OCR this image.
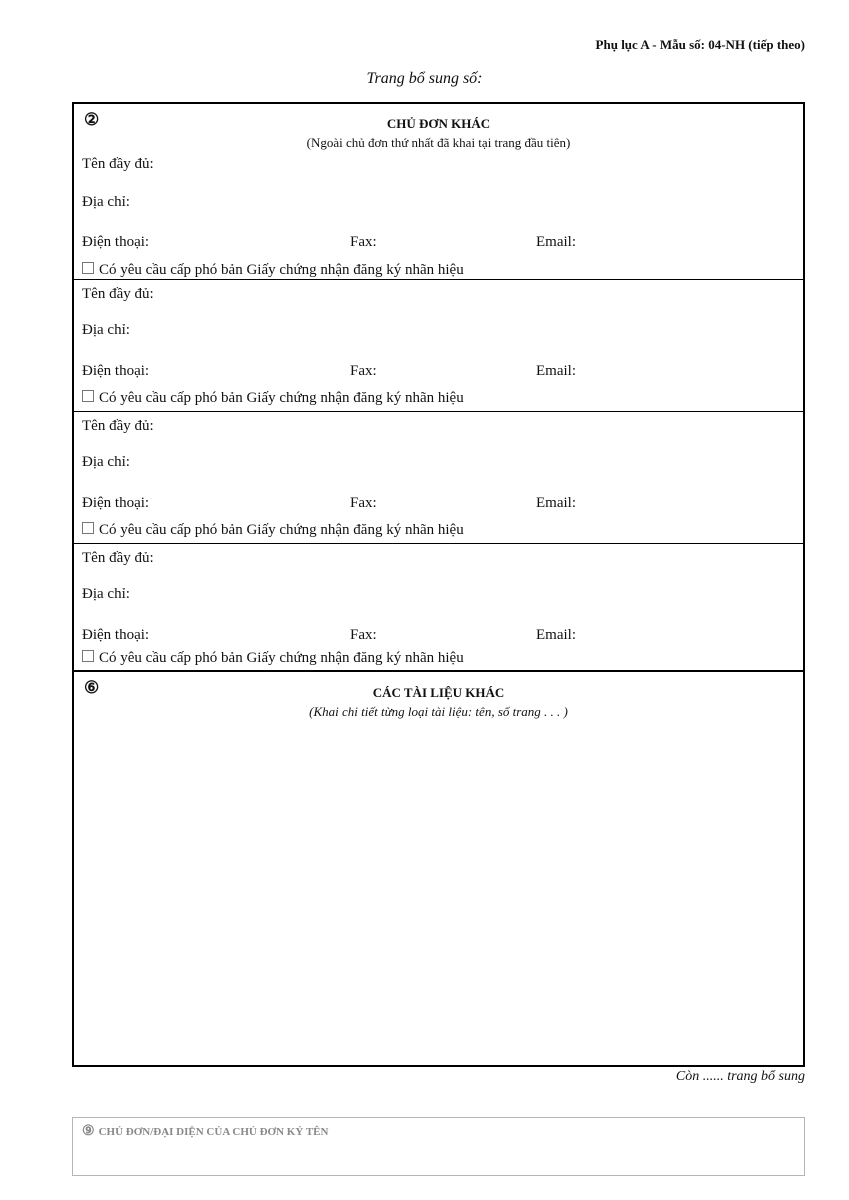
Phụ lục A - Mẫu số: 04-NH (tiếp theo)
Trang bổ sung số:
②	CHỦ ĐƠN KHÁC
(Ngoài chủ đơn thứ nhất đã khai tại trang đầu tiên)
Tên đầy đủ:
Địa chỉ:
Điện thoại:	Fax:	Email:
Có yêu cầu cấp phó bản Giấy chứng nhận đăng ký nhãn hiệu
Tên đầy đủ:
Địa chỉ:
Điện thoại:	Fax:	Email:
Có yêu cầu cấp phó bản Giấy chứng nhận đăng ký nhãn hiệu
Tên đầy đủ:
Địa chỉ:
Điện thoại:	Fax:	Email:
Có yêu cầu cấp phó bản Giấy chứng nhận đăng ký nhãn hiệu
Tên đầy đủ:
Địa chỉ:
Điện thoại:	Fax:	Email:
Có yêu cầu cấp phó bản Giấy chứng nhận đăng ký nhãn hiệu
⑥	CÁC TÀI LIỆU KHÁC
(Khai chi tiết từng loại tài liệu: tên, số trang . . . )
Còn ...... trang bổ sung
⑨ CHỦ ĐƠN/ĐẠI DIỆN CỦA CHỦ ĐƠN KÝ TÊN
